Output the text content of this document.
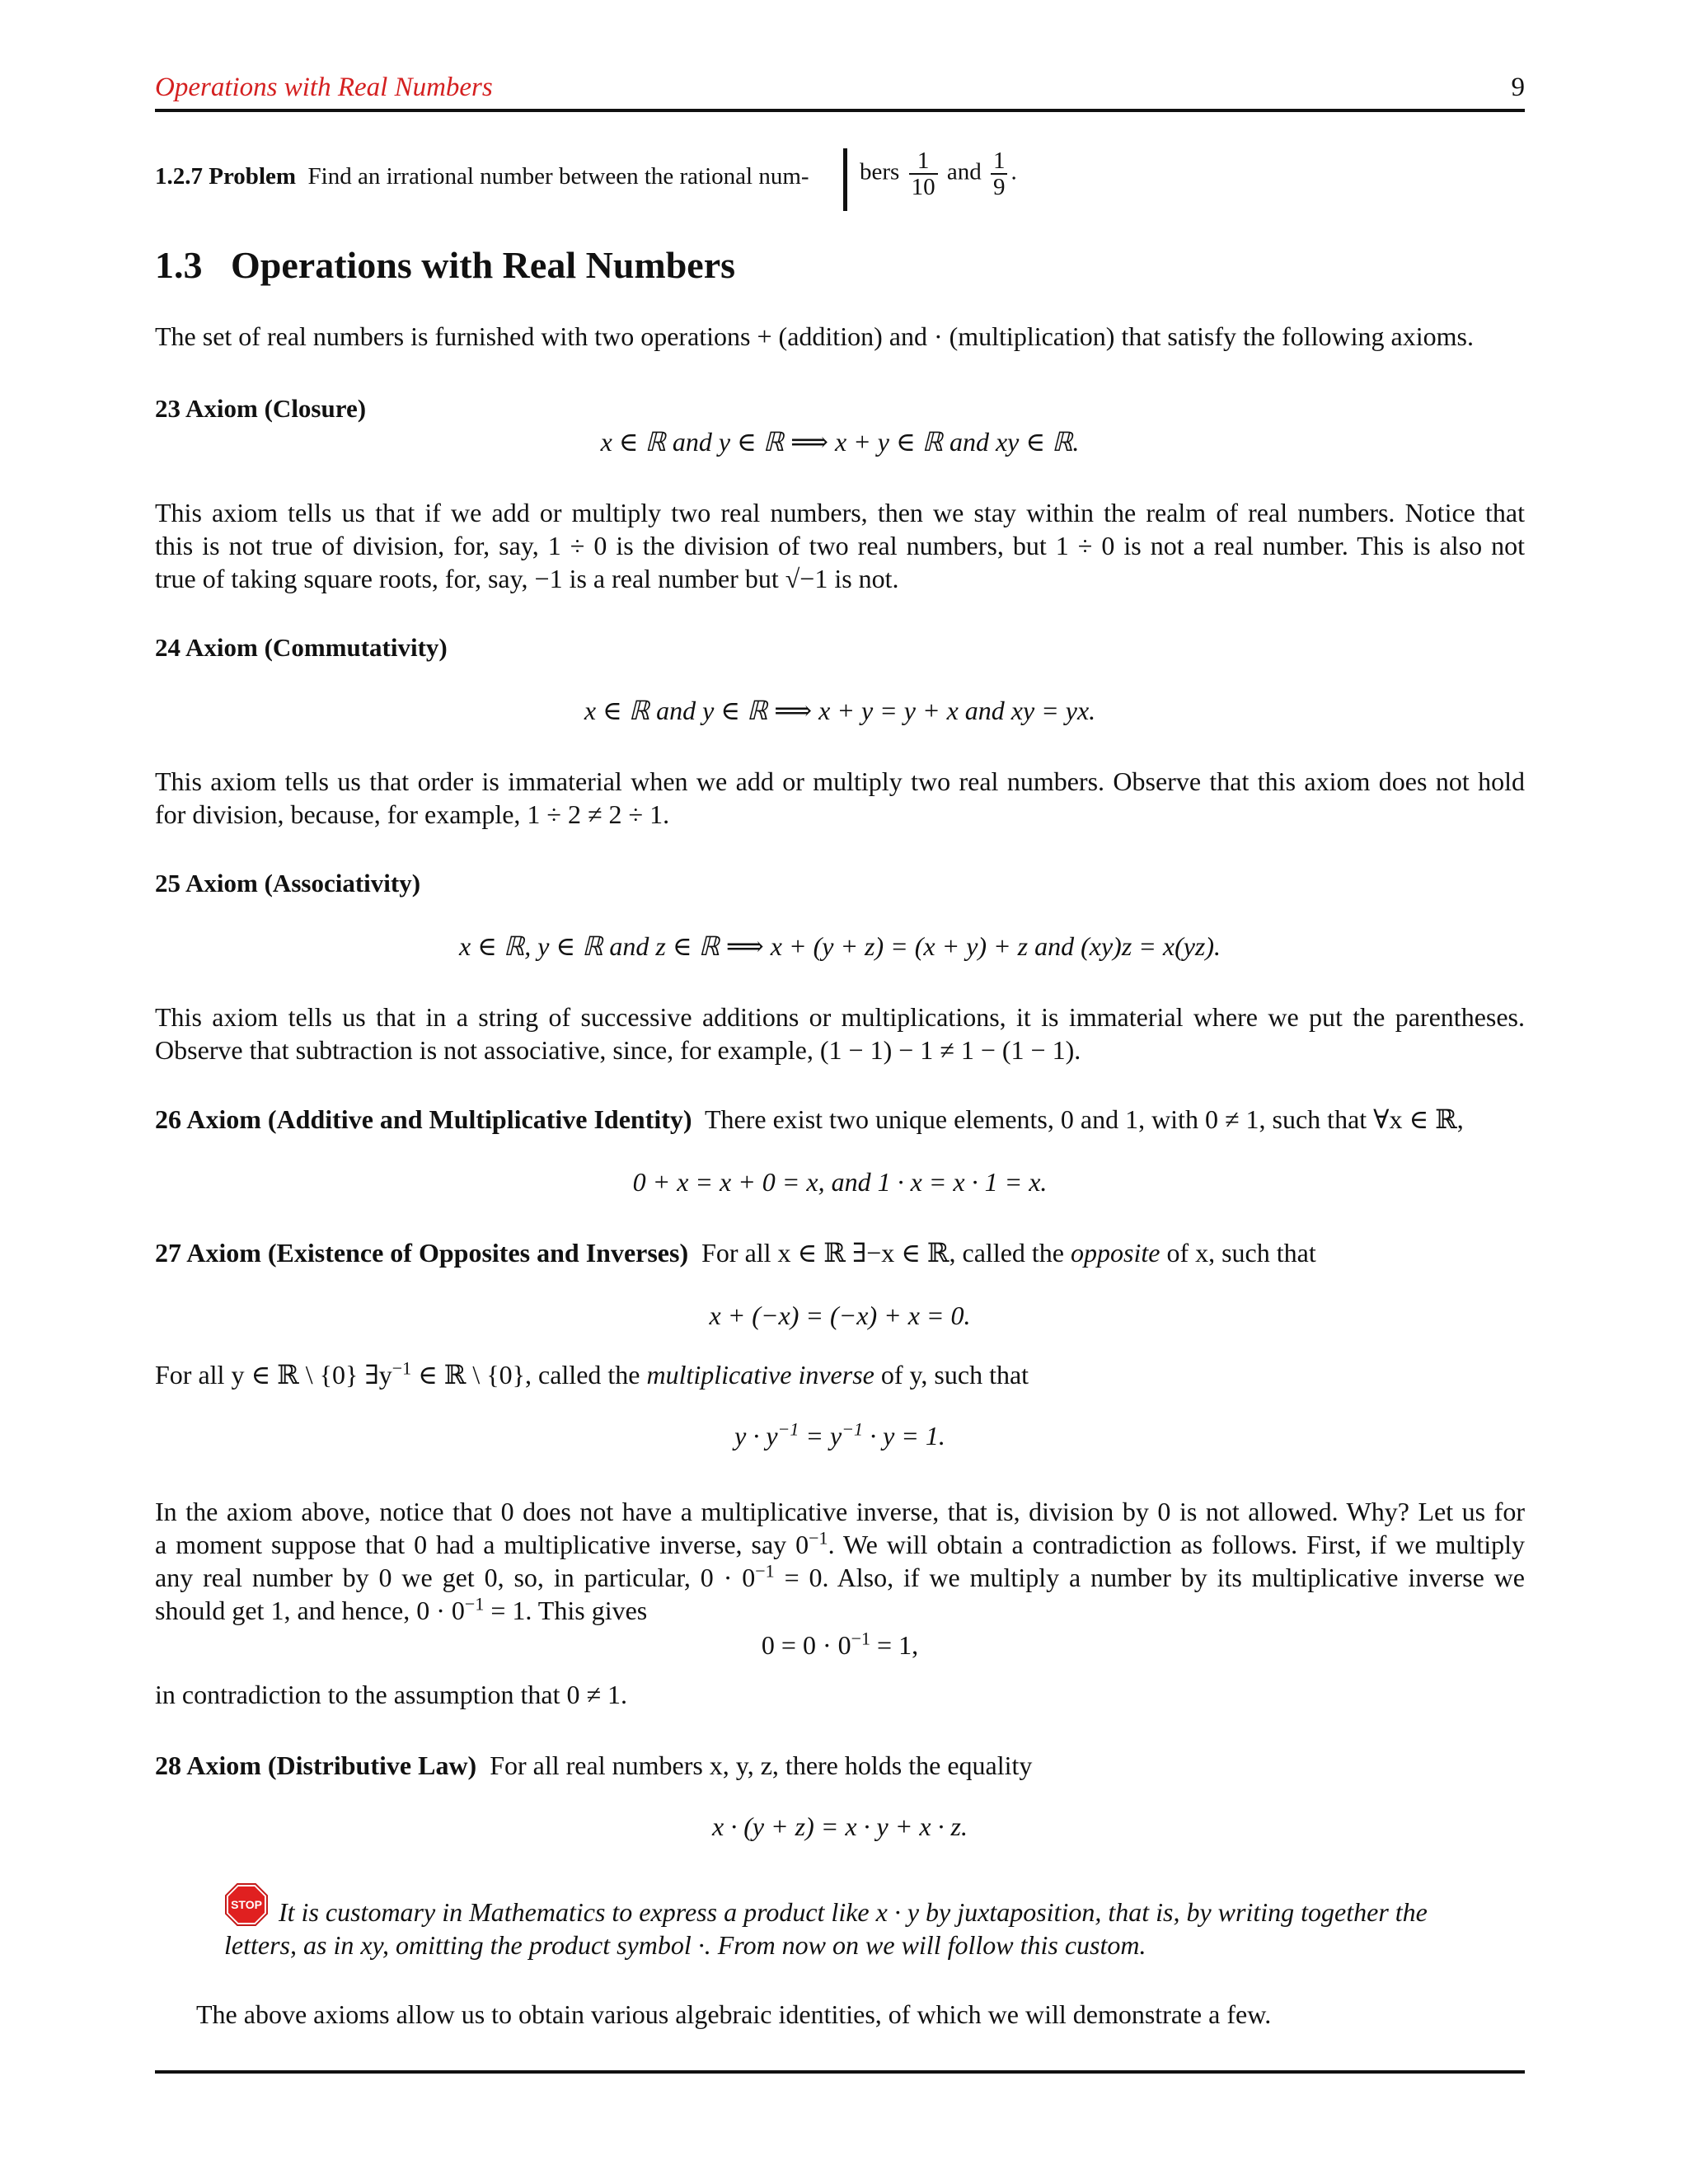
Operations with Real Numbers	9
1.2.7 Problem Find an irrational number between the rational num- bers $\frac{1}{10}$ and $\frac{1}{9}$ .
1.3 Operations with Real Numbers
The set of real numbers is furnished with two operations + (addition) and · (multiplication) that satisfy the following axioms.
23 Axiom (Closure)
x ∈ ℝ and y ∈ ℝ ⟹ x + y ∈ ℝ and xy ∈ ℝ.
This axiom tells us that if we add or multiply two real numbers, then we stay within the realm of real numbers. Notice that
this is not true of division, for, say, 1 ÷ 0 is the division of two real numbers, but 1 ÷ 0 is not a real number. This is also not
true of taking square roots, for, say, −1 is a real number but √−1 is not.
24 Axiom (Commutativity)
x ∈ ℝ and y ∈ ℝ ⟹ x + y = y + x and xy = yx.
This axiom tells us that order is immaterial when we add or multiply two real numbers. Observe that this axiom does not hold
for division, because, for example, 1 ÷ 2 ≠ 2 ÷ 1.
25 Axiom (Associativity)
x ∈ ℝ, y ∈ ℝ and z ∈ ℝ ⟹ x + (y + z) = (x + y) + z and (xy)z = x(yz).
This axiom tells us that in a string of successive additions or multiplications, it is immaterial where we put the parentheses.
Observe that subtraction is not associative, since, for example, (1 − 1) − 1 ≠ 1 − (1 − 1).
26 Axiom (Additive and Multiplicative Identity) There exist two unique elements, 0 and 1, with 0 ≠ 1, such that ∀x ∈ ℝ,
0 + x = x + 0 = x, and 1 · x = x · 1 = x.
27 Axiom (Existence of Opposites and Inverses) For all x ∈ ℝ ∃−x ∈ ℝ, called the opposite of x, such that
x + (−x) = (−x) + x = 0.
For all y ∈ ℝ \ {0} $\exists y^{-1}$ ∈ ℝ \ {0}, called the multiplicative inverse of y, such that
$y \cdot y^{-1} = y^{-1} \cdot y = 1$.
In the axiom above, notice that 0 does not have a multiplicative inverse, that is, division by 0 is not allowed. Why? Let us for
a moment suppose that 0 had a multiplicative inverse, say $0^{-1}$. We will obtain a contradiction as follows. First, if we multiply
any real number by 0 we get 0, so, in particular, $0 \cdot 0^{-1} = 0$. Also, if we multiply a number by its multiplicative inverse we
should get 1, and hence, $0 \cdot 0^{-1} = 1$. This gives
$0 = 0 \cdot 0^{-1} = 1$,
in contradiction to the assumption that 0 ≠ 1.
28 Axiom (Distributive Law) For all real numbers x, y, z, there holds the equality
x · (y + z) = x · y + x · z.
STOP It is customary in Mathematics to express a product like x · y by juxtaposition, that is, by writing together the
letters, as in xy, omitting the product symbol ·. From now on we will follow this custom.
The above axioms allow us to obtain various algebraic identities, of which we will demonstrate a few.
